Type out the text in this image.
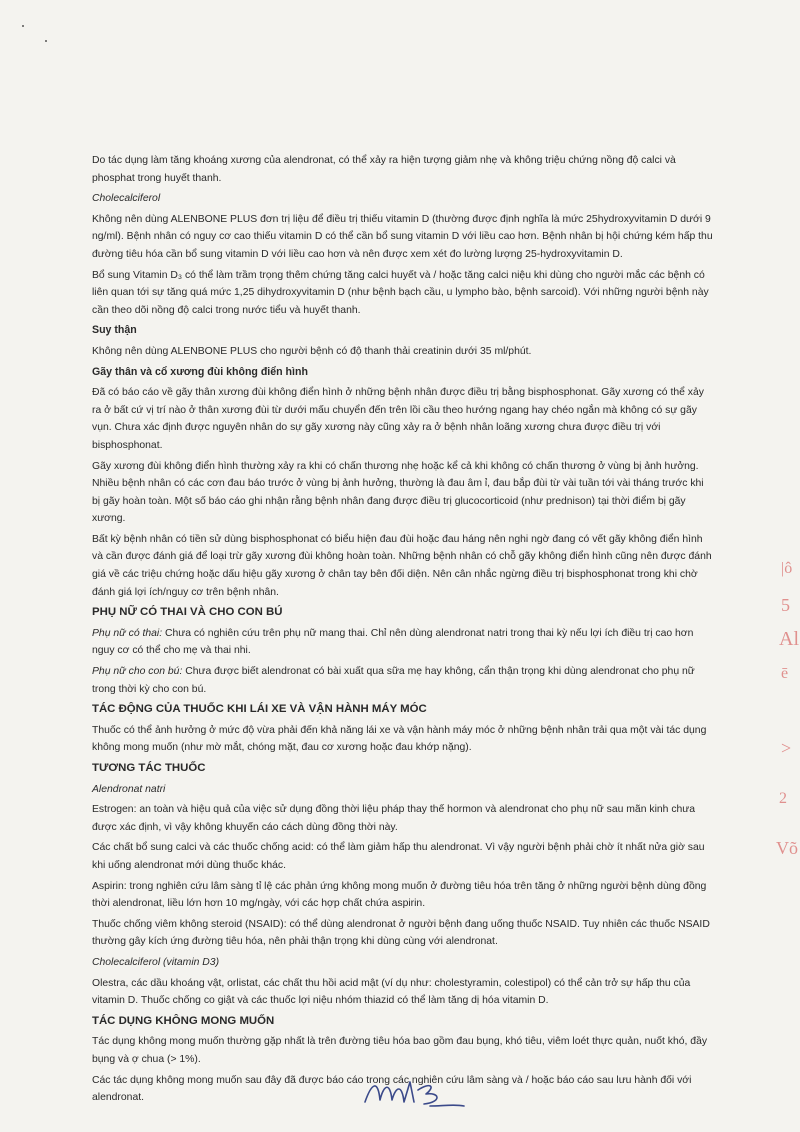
Do tác dụng làm tăng khoáng xương của alendronat, có thể xảy ra hiện tượng giảm nhẹ và không triệu chứng nồng độ calci và phosphat trong huyết thanh.

Cholecalciferol

Không nên dùng ALENBONE PLUS đơn trị liệu để điều trị thiếu vitamin D (thường được định nghĩa là mức 25hydroxyvitamin D dưới 9 ng/ml). Bệnh nhân có nguy cơ cao thiếu vitamin D có thể cần bổ sung vitamin D với liều cao hơn. Bệnh nhân bị hội chứng kém hấp thu đường tiêu hóa cần bổ sung vitamin D với liều cao hơn và nên được xem xét đo lường lượng 25-hydroxyvitamin D.

Bổ sung Vitamin D₃ có thể làm trầm trọng thêm chứng tăng calci huyết và / hoặc tăng calci niệu khi dùng cho người mắc các bệnh có liên quan tới sự tăng quá mức 1,25 dihydroxyvitamin D (như bệnh bạch cầu, u lympho bào, bệnh sarcoid). Với những người bệnh này cần theo dõi nồng độ calci trong nước tiểu và huyết thanh.

Suy thận

Không nên dùng ALENBONE PLUS cho người bệnh có độ thanh thải creatinin dưới 35 ml/phút.

Gãy thân và cổ xương đùi không điển hình

Đã có báo cáo về gãy thân xương đùi không điển hình ở những bệnh nhân được điều trị bằng bisphosphonat. Gãy xương có thể xảy ra ở bất cứ vị trí nào ở thân xương đùi từ dưới mấu chuyển đến trên lồi cầu theo hướng ngang hay chéo ngắn mà không có sự gãy vụn. Chưa xác định được nguyên nhân do sự gãy xương này cũng xảy ra ở bệnh nhân loãng xương chưa được điều trị với bisphosphonat.

Gãy xương đùi không điển hình thường xảy ra khi có chấn thương nhẹ hoặc kể cả khi không có chấn thương ở vùng bị ảnh hưởng. Nhiều bệnh nhân có các cơn đau báo trước ở vùng bị ảnh hưởng, thường là đau âm ỉ, đau bắp đùi từ vài tuần tới vài tháng trước khi bị gãy hoàn toàn. Một số báo cáo ghi nhận rằng bệnh nhân đang được điều trị glucocorticoid (như prednison) tại thời điểm bị gãy xương.

Bất kỳ bệnh nhân có tiền sử dùng bisphosphonat có biểu hiện đau đùi hoặc đau háng nên nghi ngờ đang có vết gãy không điển hình và cần được đánh giá để loại trừ gãy xương đùi không hoàn toàn. Những bệnh nhân có chỗ gãy không điển hình cũng nên được đánh giá về các triệu chứng hoặc dấu hiệu gãy xương ở chân tay bên đối diện. Nên cân nhắc ngừng điều trị bisphosphonat trong khi chờ đánh giá lợi ích/nguy cơ trên bệnh nhân.

PHỤ NỮ CÓ THAI VÀ CHO CON BÚ

Phụ nữ có thai: Chưa có nghiên cứu trên phụ nữ mang thai. Chỉ nên dùng alendronat natri trong thai kỳ nếu lợi ích điều trị cao hơn nguy cơ có thể cho mẹ và thai nhi.

Phụ nữ cho con bú: Chưa được biết alendronat có bài xuất qua sữa mẹ hay không, cẩn thận trọng khi dùng alendronat cho phụ nữ trong thời kỳ cho con bú.

TÁC ĐỘNG CỦA THUỐC KHI LÁI XE VÀ VẬN HÀNH MÁY MÓC

Thuốc có thể ảnh hưởng ở mức độ vừa phải đến khả năng lái xe và vận hành máy móc ở những bệnh nhân trải qua một vài tác dụng không mong muốn (như mờ mắt, chóng mặt, đau cơ xương hoặc đau khớp nặng).

TƯƠNG TÁC THUỐC

Alendronat natri

Estrogen: an toàn và hiệu quả của việc sử dụng đồng thời liệu pháp thay thế hormon và alendronat cho phụ nữ sau mãn kinh chưa được xác định, vì vậy không khuyến cáo cách dùng đồng thời này.

Các chất bổ sung calci và các thuốc chống acid: có thể làm giảm hấp thu alendronat. Vì vậy người bệnh phải chờ ít nhất nửa giờ sau khi uống alendronat mới dùng thuốc khác.

Aspirin: trong nghiên cứu lâm sàng tỉ lệ các phản ứng không mong muốn ở đường tiêu hóa trên tăng ở những người bệnh dùng đồng thời alendronat, liều lớn hơn 10 mg/ngày, với các hợp chất chứa aspirin.

Thuốc chống viêm không steroid (NSAID): có thể dùng alendronat ở người bệnh đang uống thuốc NSAID. Tuy nhiên các thuốc NSAID thường gây kích ứng đường tiêu hóa, nên phải thận trọng khi dùng cùng với alendronat.

Cholecalciferol (vitamin D3)

Olestra, các dầu khoáng vật, orlistat, các chất thu hồi acid mật (ví dụ như: cholestyramin, colestipol) có thể cản trở sự hấp thu của vitamin D. Thuốc chống co giật và các thuốc lợi niệu nhóm thiazid có thể làm tăng dị hóa vitamin D.

TÁC DỤNG KHÔNG MONG MUỐN

Tác dụng không mong muốn thường gặp nhất là trên đường tiêu hóa bao gồm đau bụng, khó tiêu, viêm loét thực quản, nuốt khó, đầy bụng và ợ chua (> 1%).

Các tác dụng không mong muốn sau đây đã được báo cáo trong các nghiên cứu lâm sàng và / hoặc báo cáo sau lưu hành đối với alendronat.

|ô
5
Al
ē
>
2
Võ
